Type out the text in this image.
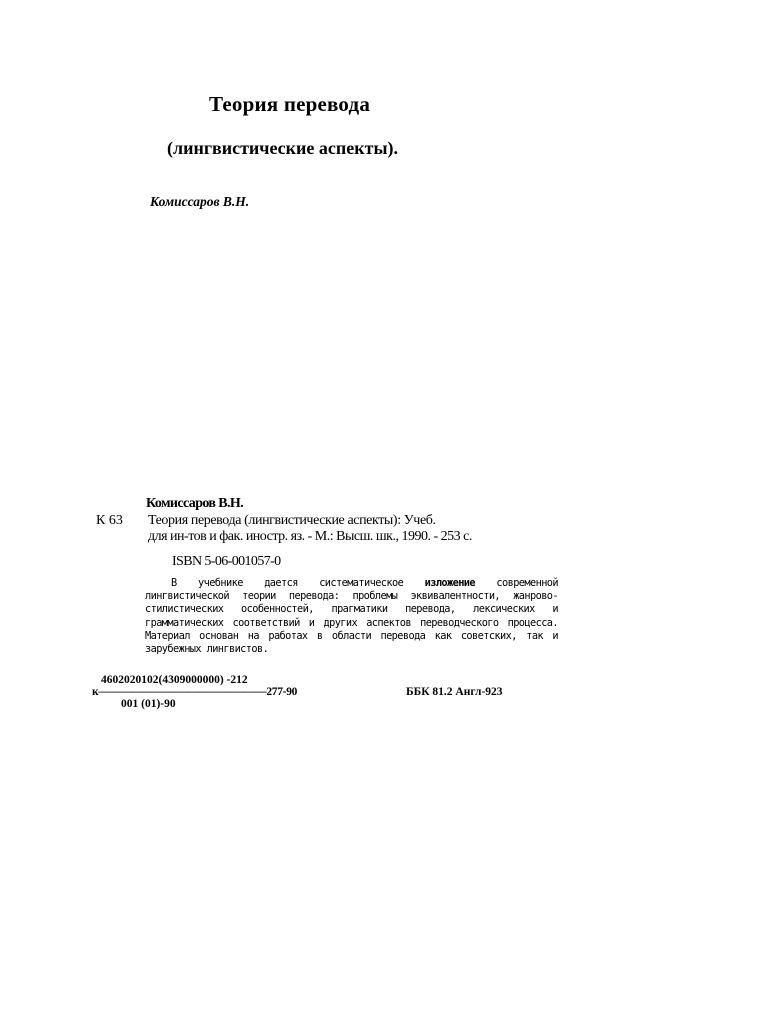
Теория перевода
(лингвистические аспекты).
Комиссаров В.Н.
Комиссаров В.Н.
К 63 Теория перевода (лингвистические аспекты): Учеб.
для ин-тов и фак. иностр. яз. - М.: Высш. шк., 1990. - 253 с.
ISBN 5-06-001057-0
В учебнике дается систематическое изложение современной лингвистической теории перевода: проблемы эквивалентности, жанрово-стилистических особенностей, прагматики перевода, лексических и грамматических соответствий и других аспектов переводческого процесса. Материал основан на работах в области перевода как советских, так и зарубежных лингвистов.
4602020102(4309000000) -212
к———————————————277-90	ББК 81.2 Англ-923
001 (01)-90
